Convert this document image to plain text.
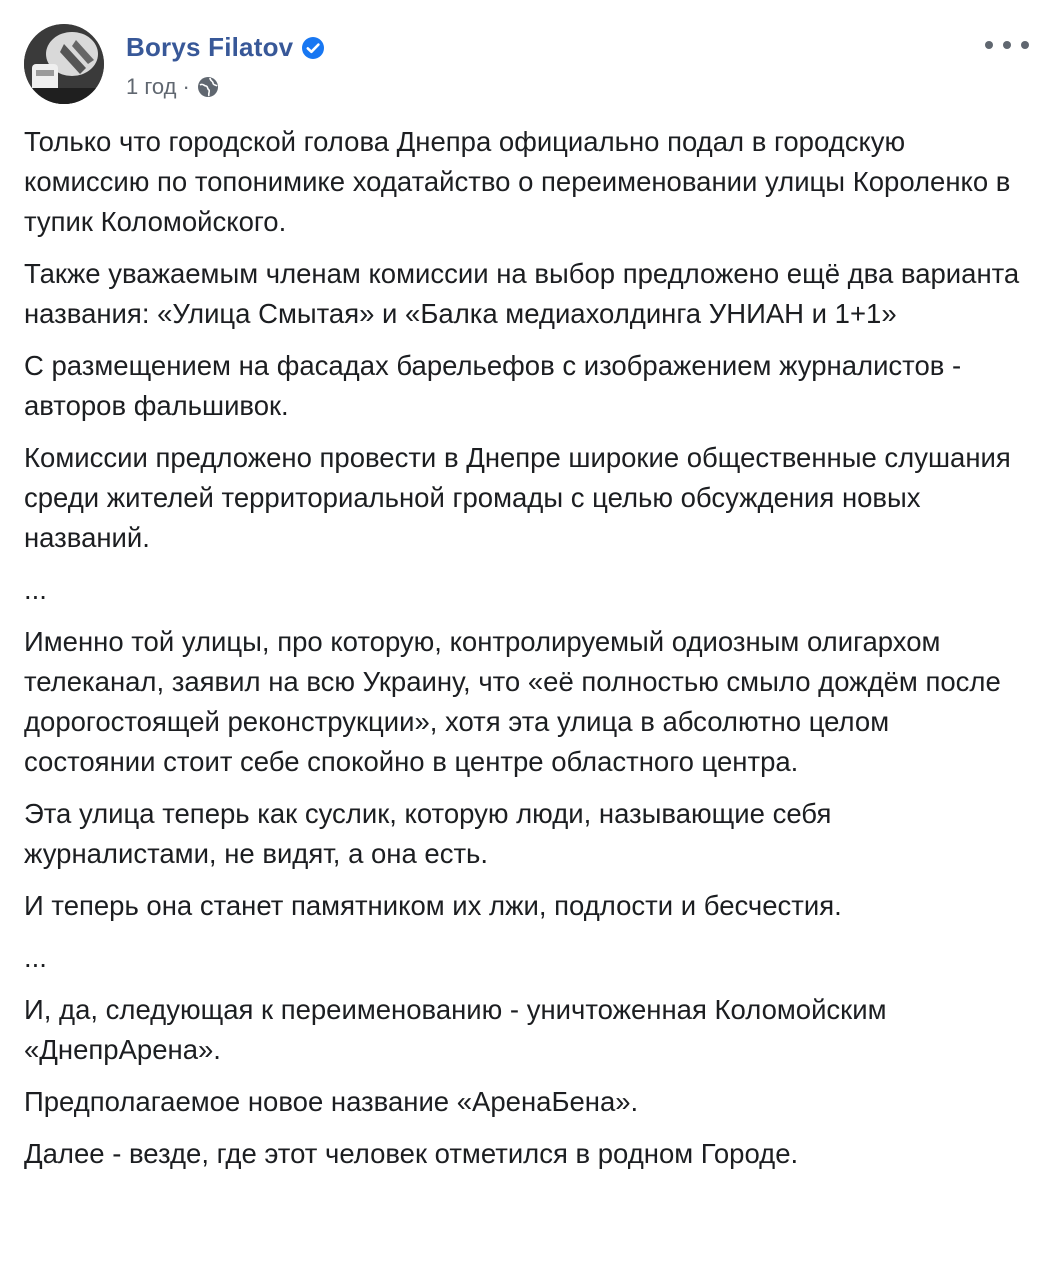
Borys Filatov
1 год ·

Только что городской голова Днепра официально подал в городскую комиссию по топонимике ходатайство о переименовании улицы Короленко в тупик Коломойского.

Также уважаемым членам комиссии на выбор предложено ещё два варианта названия: «Улица Смытая» и «Балка медиахолдинга УНИАН и 1+1»

С размещением на фасадах барельефов с изображением журналистов - авторов фальшивок.

Комиссии предложено провести в Днепре широкие общественные слушания среди жителей территориальной громады с целью обсуждения новых названий.

...

Именно той улицы, про которую, контролируемый одиозным олигархом телеканал, заявил на всю Украину, что «её полностью смыло дождём после дорогостоящей реконструкции», хотя эта улица в абсолютно целом состоянии стоит себе спокойно в центре областного центра.

Эта улица теперь как суслик, которую люди, называющие себя журналистами, не видят, а она есть.

И теперь она станет памятником их лжи, подлости и бесчестия.

...

И, да, следующая к переименованию - уничтоженная Коломойским «ДнепрАрена».

Предполагаемое новое название «АренаБена».

Далее - везде, где этот человек отметился в родном Городе.
